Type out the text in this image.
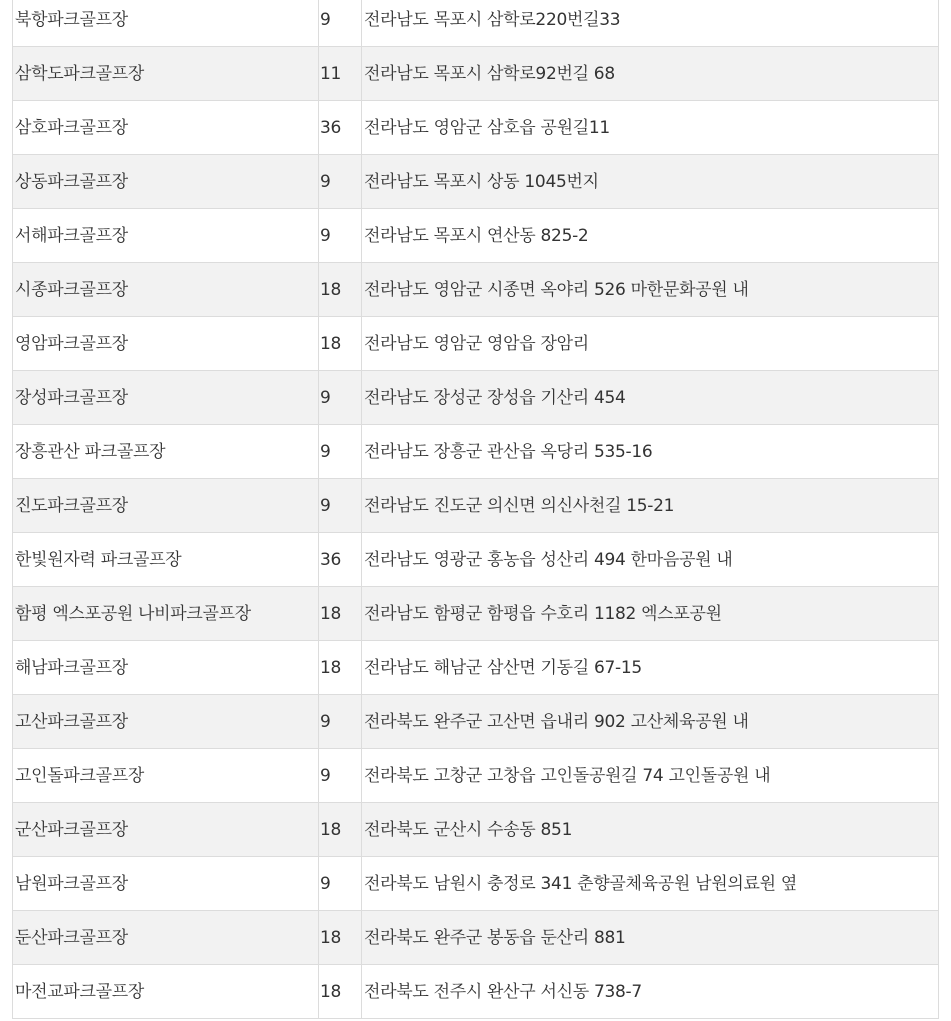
북항파크골프장	9	전라남도 목포시 삼학로220번길33
삼학도파크골프장	11	전라남도 목포시 삼학로92번길 68
삼호파크골프장	36	전라남도 영암군 삼호읍 공원길11
상동파크골프장	9	전라남도 목포시 상동 1045번지
서해파크골프장	9	전라남도 목포시 연산동 825-2
시종파크골프장	18	전라남도 영암군 시종면 옥야리 526 마한문화공원 내
영암파크골프장	18	전라남도 영암군 영암읍 장암리
장성파크골프장	9	전라남도 장성군 장성읍 기산리 454
장흥관산 파크골프장	9	전라남도 장흥군 관산읍 옥당리 535-16
진도파크골프장	9	전라남도 진도군 의신면 의신사천길 15-21
한빛원자력 파크골프장	36	전라남도 영광군 홍농읍 성산리 494 한마음공원 내
함평 엑스포공원 나비파크골프장	18	전라남도 함평군 함평읍 수호리 1182 엑스포공원
해남파크골프장	18	전라남도 해남군 삼산면 기동길 67-15
고산파크골프장	9	전라북도 완주군 고산면 읍내리 902 고산체육공원 내
고인돌파크골프장	9	전라북도 고창군 고창읍 고인돌공원길 74 고인돌공원 내
군산파크골프장	18	전라북도 군산시 수송동 851
남원파크골프장	9	전라북도 남원시 충정로 341 춘향골체육공원 남원의료원 옆
둔산파크골프장	18	전라북도 완주군 봉동읍 둔산리 881
마전교파크골프장	18	전라북도 전주시 완산구 서신동 738-7
